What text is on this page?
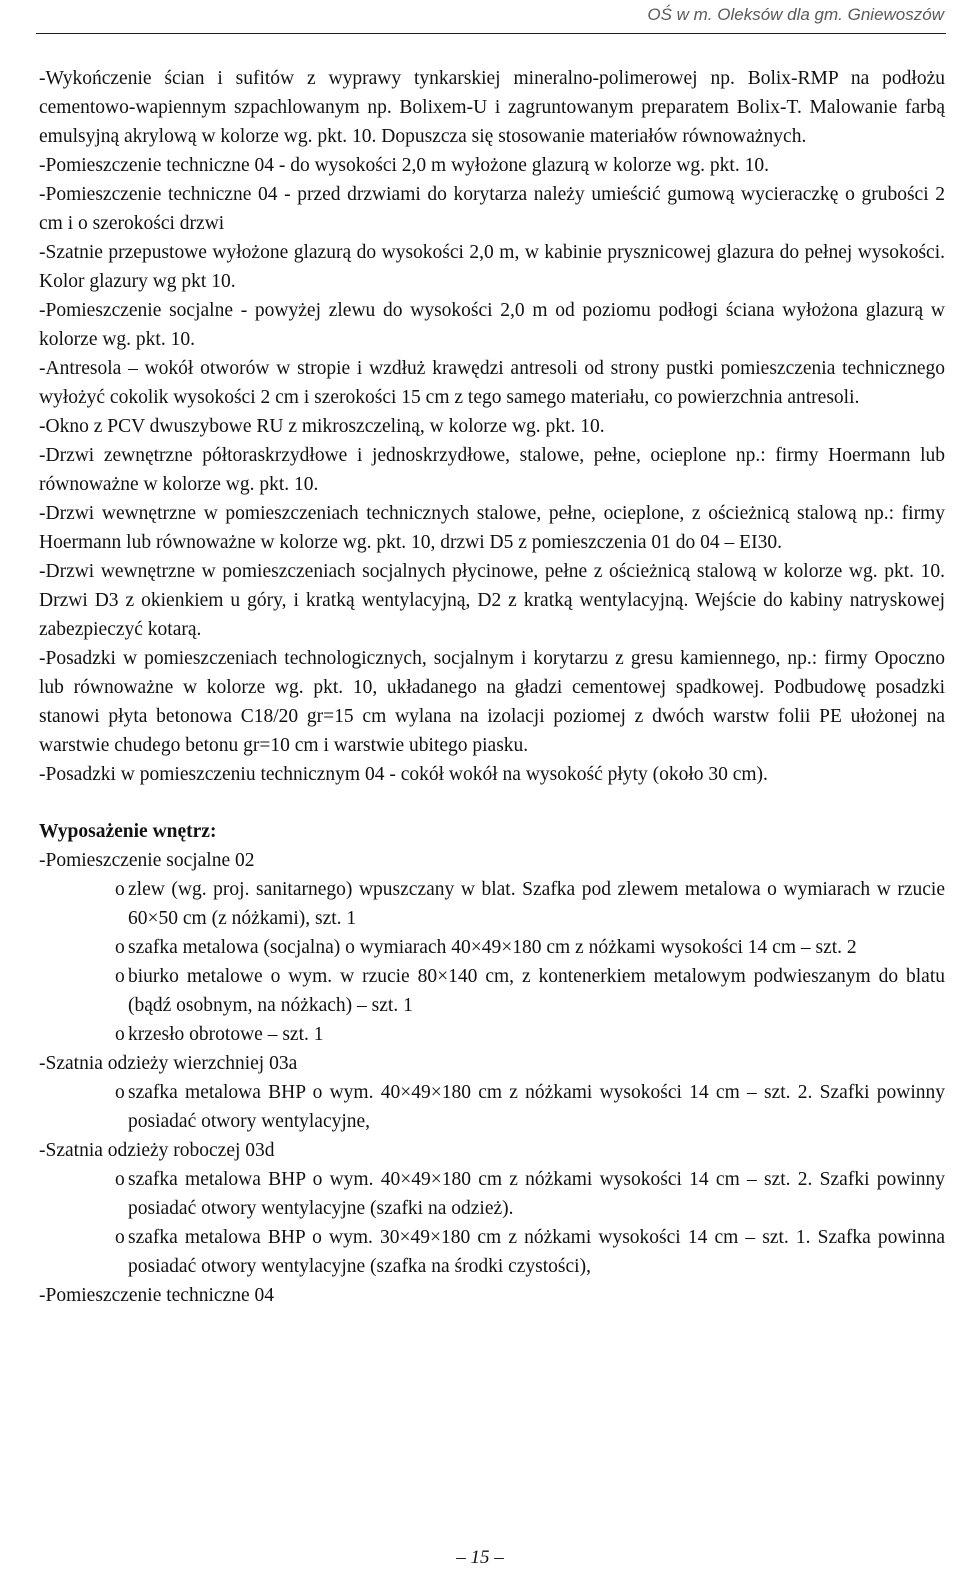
OŚ w m. Oleksów dla gm. Gniewoszów

-Wykończenie ścian i sufitów z wyprawy tynkarskiej mineralno-polimerowej np. Bolix-RMP na podłożu cementowo-wapiennym szpachlowanym np. Bolixem-U i zagruntowanym preparatem Bolix-T. Malowanie farbą emulsyjną akrylową w kolorze wg. pkt. 10. Dopuszcza się stosowanie materiałów równoważnych.

-Pomieszczenie techniczne 04 - do wysokości 2,0 m wyłożone glazurą w kolorze wg. pkt. 10.

-Pomieszczenie techniczne 04 - przed drzwiami do korytarza należy umieścić gumową wycieraczkę o grubości 2 cm i o szerokości drzwi

-Szatnie przepustowe wyłożone glazurą do wysokości 2,0 m, w kabinie prysznicowej glazura do pełnej wysokości. Kolor glazury wg pkt 10.

-Pomieszczenie socjalne - powyżej zlewu do wysokości 2,0 m od poziomu podłogi ściana wyłożona glazurą w kolorze wg. pkt. 10.

-Antresola – wokół otworów w stropie i wzdłuż krawędzi antresoli od strony pustki pomieszczenia technicznego wyłożyć cokolik wysokości 2 cm i szerokości 15 cm z tego samego materiału, co powierzchnia antresoli.

-Okno z PCV dwuszybowe RU z mikroszczeliną, w kolorze wg. pkt. 10.

-Drzwi zewnętrzne półtoraskrzydłowe i jednoskrzydłowe, stalowe, pełne, ocieplone np.: firmy Hoermann lub równoważne w kolorze wg. pkt. 10.

-Drzwi wewnętrzne w pomieszczeniach technicznych stalowe, pełne, ocieplone, z ościeżnicą stalową np.: firmy Hoermann lub równoważne w kolorze wg. pkt. 10, drzwi D5 z pomieszczenia 01 do 04 – EI30.

-Drzwi wewnętrzne w pomieszczeniach socjalnych płycinowe, pełne z ościeżnicą stalową w kolorze wg. pkt. 10. Drzwi D3 z okienkiem u góry, i kratką wentylacyjną, D2 z kratką wentylacyjną. Wejście do kabiny natryskowej zabezpieczyć kotarą.

-Posadzki w pomieszczeniach technologicznych, socjalnym i korytarzu z gresu kamiennego, np.: firmy Opoczno lub równoważne w kolorze wg. pkt. 10, układanego na gładzi cementowej spadkowej. Podbudowę posadzki stanowi płyta betonowa C18/20 gr=15 cm wylana na izolacji poziomej z dwóch warstw folii PE ułożonej na warstwie chudego betonu gr=10 cm i warstwie ubitego piasku.

-Posadzki w pomieszczeniu technicznym 04 - cokół wokół na wysokość płyty (około 30 cm).

Wyposażenie wnętrz:

-Pomieszczenie socjalne 02

o zlew (wg. proj. sanitarnego) wpuszczany w blat. Szafka pod zlewem metalowa o wymiarach w rzucie 60×50 cm (z nóżkami), szt. 1
o szafka metalowa (socjalna) o wymiarach 40×49×180 cm z nóżkami wysokości 14 cm – szt. 2
o biurko metalowe o wym. w rzucie 80×140 cm, z kontenerkiem metalowym podwieszanym do blatu (bądź osobnym, na nóżkach) – szt. 1
o krzesło obrotowe – szt. 1

-Szatnia odzieży wierzchniej 03a

o szafka metalowa BHP o wym. 40×49×180 cm z nóżkami wysokości 14 cm – szt. 2. Szafki powinny posiadać otwory wentylacyjne,

-Szatnia odzieży roboczej 03d

o szafka metalowa BHP o wym. 40×49×180 cm z nóżkami wysokości 14 cm – szt. 2. Szafki powinny posiadać otwory wentylacyjne (szafki na odzież).
o szafka metalowa BHP o wym. 30×49×180 cm z nóżkami wysokości 14 cm – szt. 1. Szafka powinna posiadać otwory wentylacyjne (szafka na środki czystości),

-Pomieszczenie techniczne 04

– 15 –
